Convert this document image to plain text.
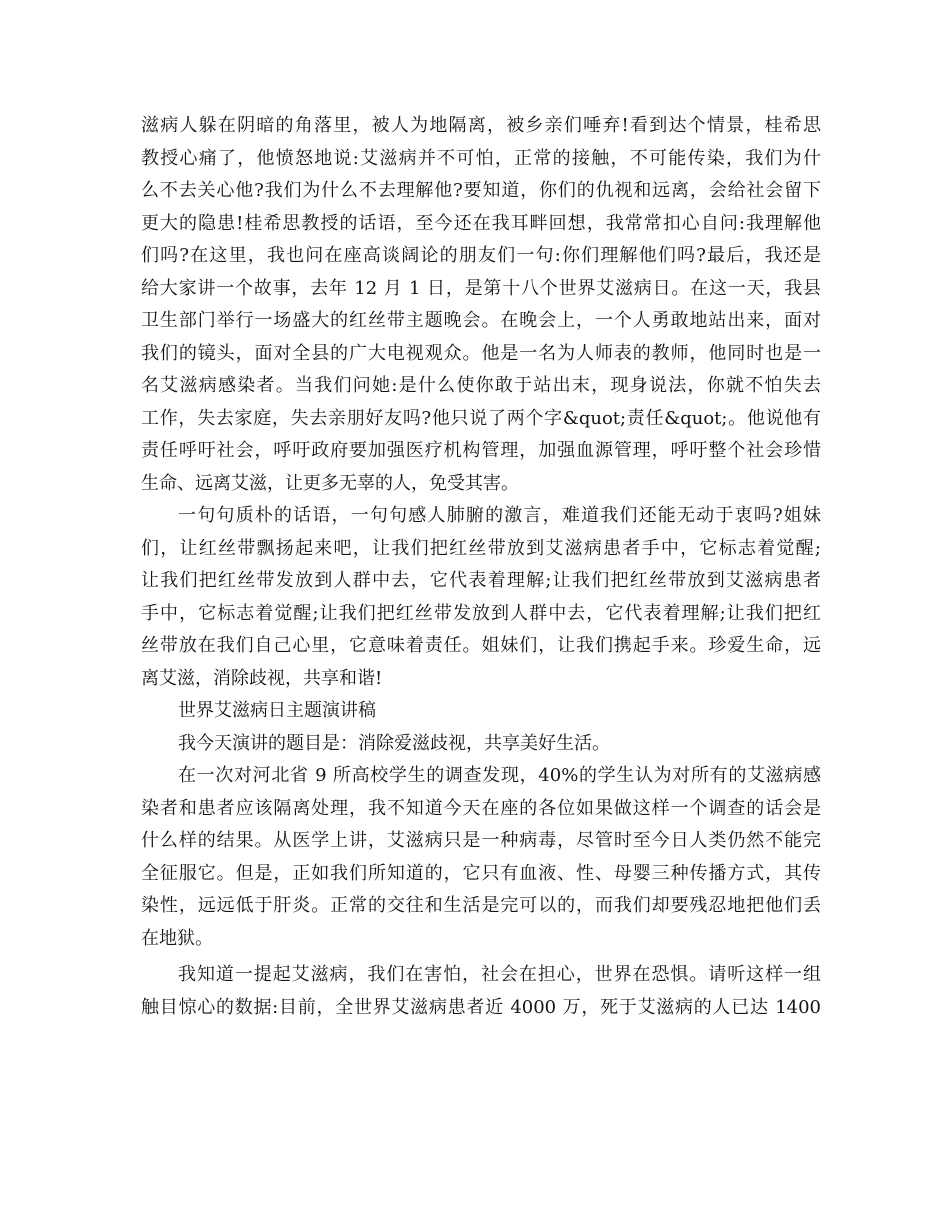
滋病人躲在阴暗的角落里，被人为地隔离，被乡亲们唾弃!看到达个情景，桂希思
教授心痛了，他愤怒地说:艾滋病并不可怕，正常的接触，不可能传染，我们为什
么不去关心他?我们为什么不去理解他?要知道，你们的仇视和远离，会给社会留下
更大的隐患!桂希思教授的话语，至今还在我耳畔回想，我常常扣心自问:我理解他
们吗?在这里，我也问在座高谈阔论的朋友们一句:你们理解他们吗?最后，我还是
给大家讲一个故事，去年 12 月 1 日，是第十八个世界艾滋病日。在这一天，我县
卫生部门举行一场盛大的红丝带主题晚会。在晚会上，一个人勇敢地站出来，面对
我们的镜头，面对全县的广大电视观众。他是一名为人师表的教师，他同时也是一
名艾滋病感染者。当我们问她:是什么使你敢于站出末，现身说法，你就不怕失去
工作，失去家庭，失去亲朋好友吗?他只说了两个字&quot;责任&quot;。他说他有
责任呼吁社会，呼吁政府要加强医疗机构管理，加强血源管理，呼吁整个社会珍惜
生命、远离艾滋，让更多无辜的人，免受其害。
一句句质朴的话语，一句句感人肺腑的激言，难道我们还能无动于衷吗?姐妹
们，让红丝带飘扬起来吧，让我们把红丝带放到艾滋病患者手中，它标志着觉醒;
让我们把红丝带发放到人群中去，它代表着理解;让我们把红丝带放到艾滋病患者
手中，它标志着觉醒;让我们把红丝带发放到人群中去，它代表着理解;让我们把红
丝带放在我们自己心里，它意味着责任。姐妹们，让我们携起手来。珍爱生命，远
离艾滋，消除歧视，共享和谐!
世界艾滋病日主题演讲稿
我今天演讲的题目是：消除爱滋歧视，共享美好生活。
在一次对河北省 9 所高校学生的调查发现，40%的学生认为对所有的艾滋病感
染者和患者应该隔离处理，我不知道今天在座的各位如果做这样一个调查的话会是
什么样的结果。从医学上讲，艾滋病只是一种病毒，尽管时至今日人类仍然不能完
全征服它。但是，正如我们所知道的，它只有血液、性、母婴三种传播方式，其传
染性，远远低于肝炎。正常的交往和生活是完可以的，而我们却要残忍地把他们丢
在地狱。
我知道一提起艾滋病，我们在害怕，社会在担心，世界在恐惧。请听这样一组
触目惊心的数据:目前，全世界艾滋病患者近 4000 万，死于艾滋病的人已达 1400
